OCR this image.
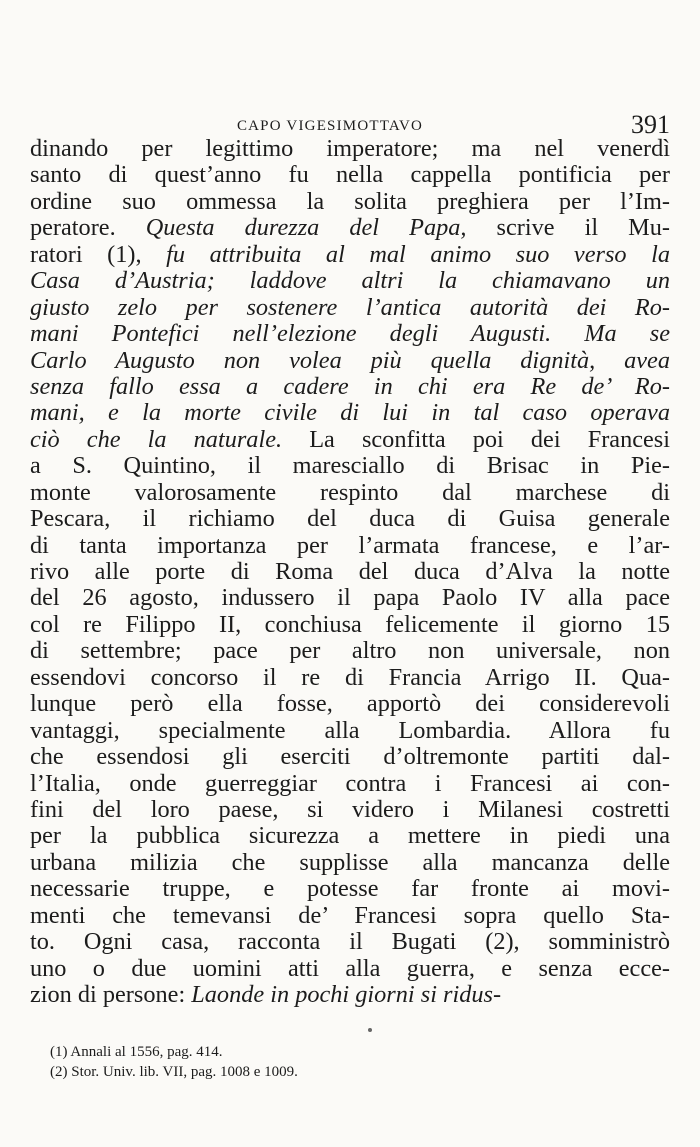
CAPO VIGESIMOTTAVO	391
dinando per legittimo imperatore; ma nel venerdì
santo di quest’anno fu nella cappella pontificia per
ordine suo ommessa la solita preghiera per l’Im-
peratore. Questa durezza del Papa, scrive il Mu-
ratori (1), fu attribuita al mal animo suo verso la
Casa d’Austria; laddove altri la chiamavano un
giusto zelo per sostenere l’antica autorità dei Ro-
mani Pontefici nell’elezione degli Augusti. Ma se
Carlo Augusto non volea più quella dignità, avea
senza fallo essa a cadere in chi era Re de’ Ro-
mani, e la morte civile di lui in tal caso operava
ciò che la naturale. La sconfitta poi dei Francesi
a S. Quintino, il maresciallo di Brisac in Pie-
monte valorosamente respinto dal marchese di
Pescara, il richiamo del duca di Guisa generale
di tanta importanza per l’armata francese, e l’ar-
rivo alle porte di Roma del duca d’Alva la notte
del 26 agosto, indussero il papa Paolo IV alla pace
col re Filippo II, conchiusa felicemente il giorno 15
di settembre; pace per altro non universale, non
essendovi concorso il re di Francia Arrigo II. Qua-
lunque però ella fosse, apportò dei considerevoli
vantaggi, specialmente alla Lombardia. Allora fu
che essendosi gli eserciti d’oltremonte partiti dal-
l’Italia, onde guerreggiar contra i Francesi ai con-
fini del loro paese, si videro i Milanesi costretti
per la pubblica sicurezza a mettere in piedi una
urbana milizia che supplisse alla mancanza delle
necessarie truppe, e potesse far fronte ai movi-
menti che temevansi de’ Francesi sopra quello Sta-
to. Ogni casa, racconta il Bugati (2), somministrò
uno o due uomini atti alla guerra, e senza ecce-
zion di persone: Laonde in pochi giorni si ridus-
(1) Annali al 1556, pag. 414.
(2) Stor. Univ. lib. VII, pag. 1008 e 1009.
